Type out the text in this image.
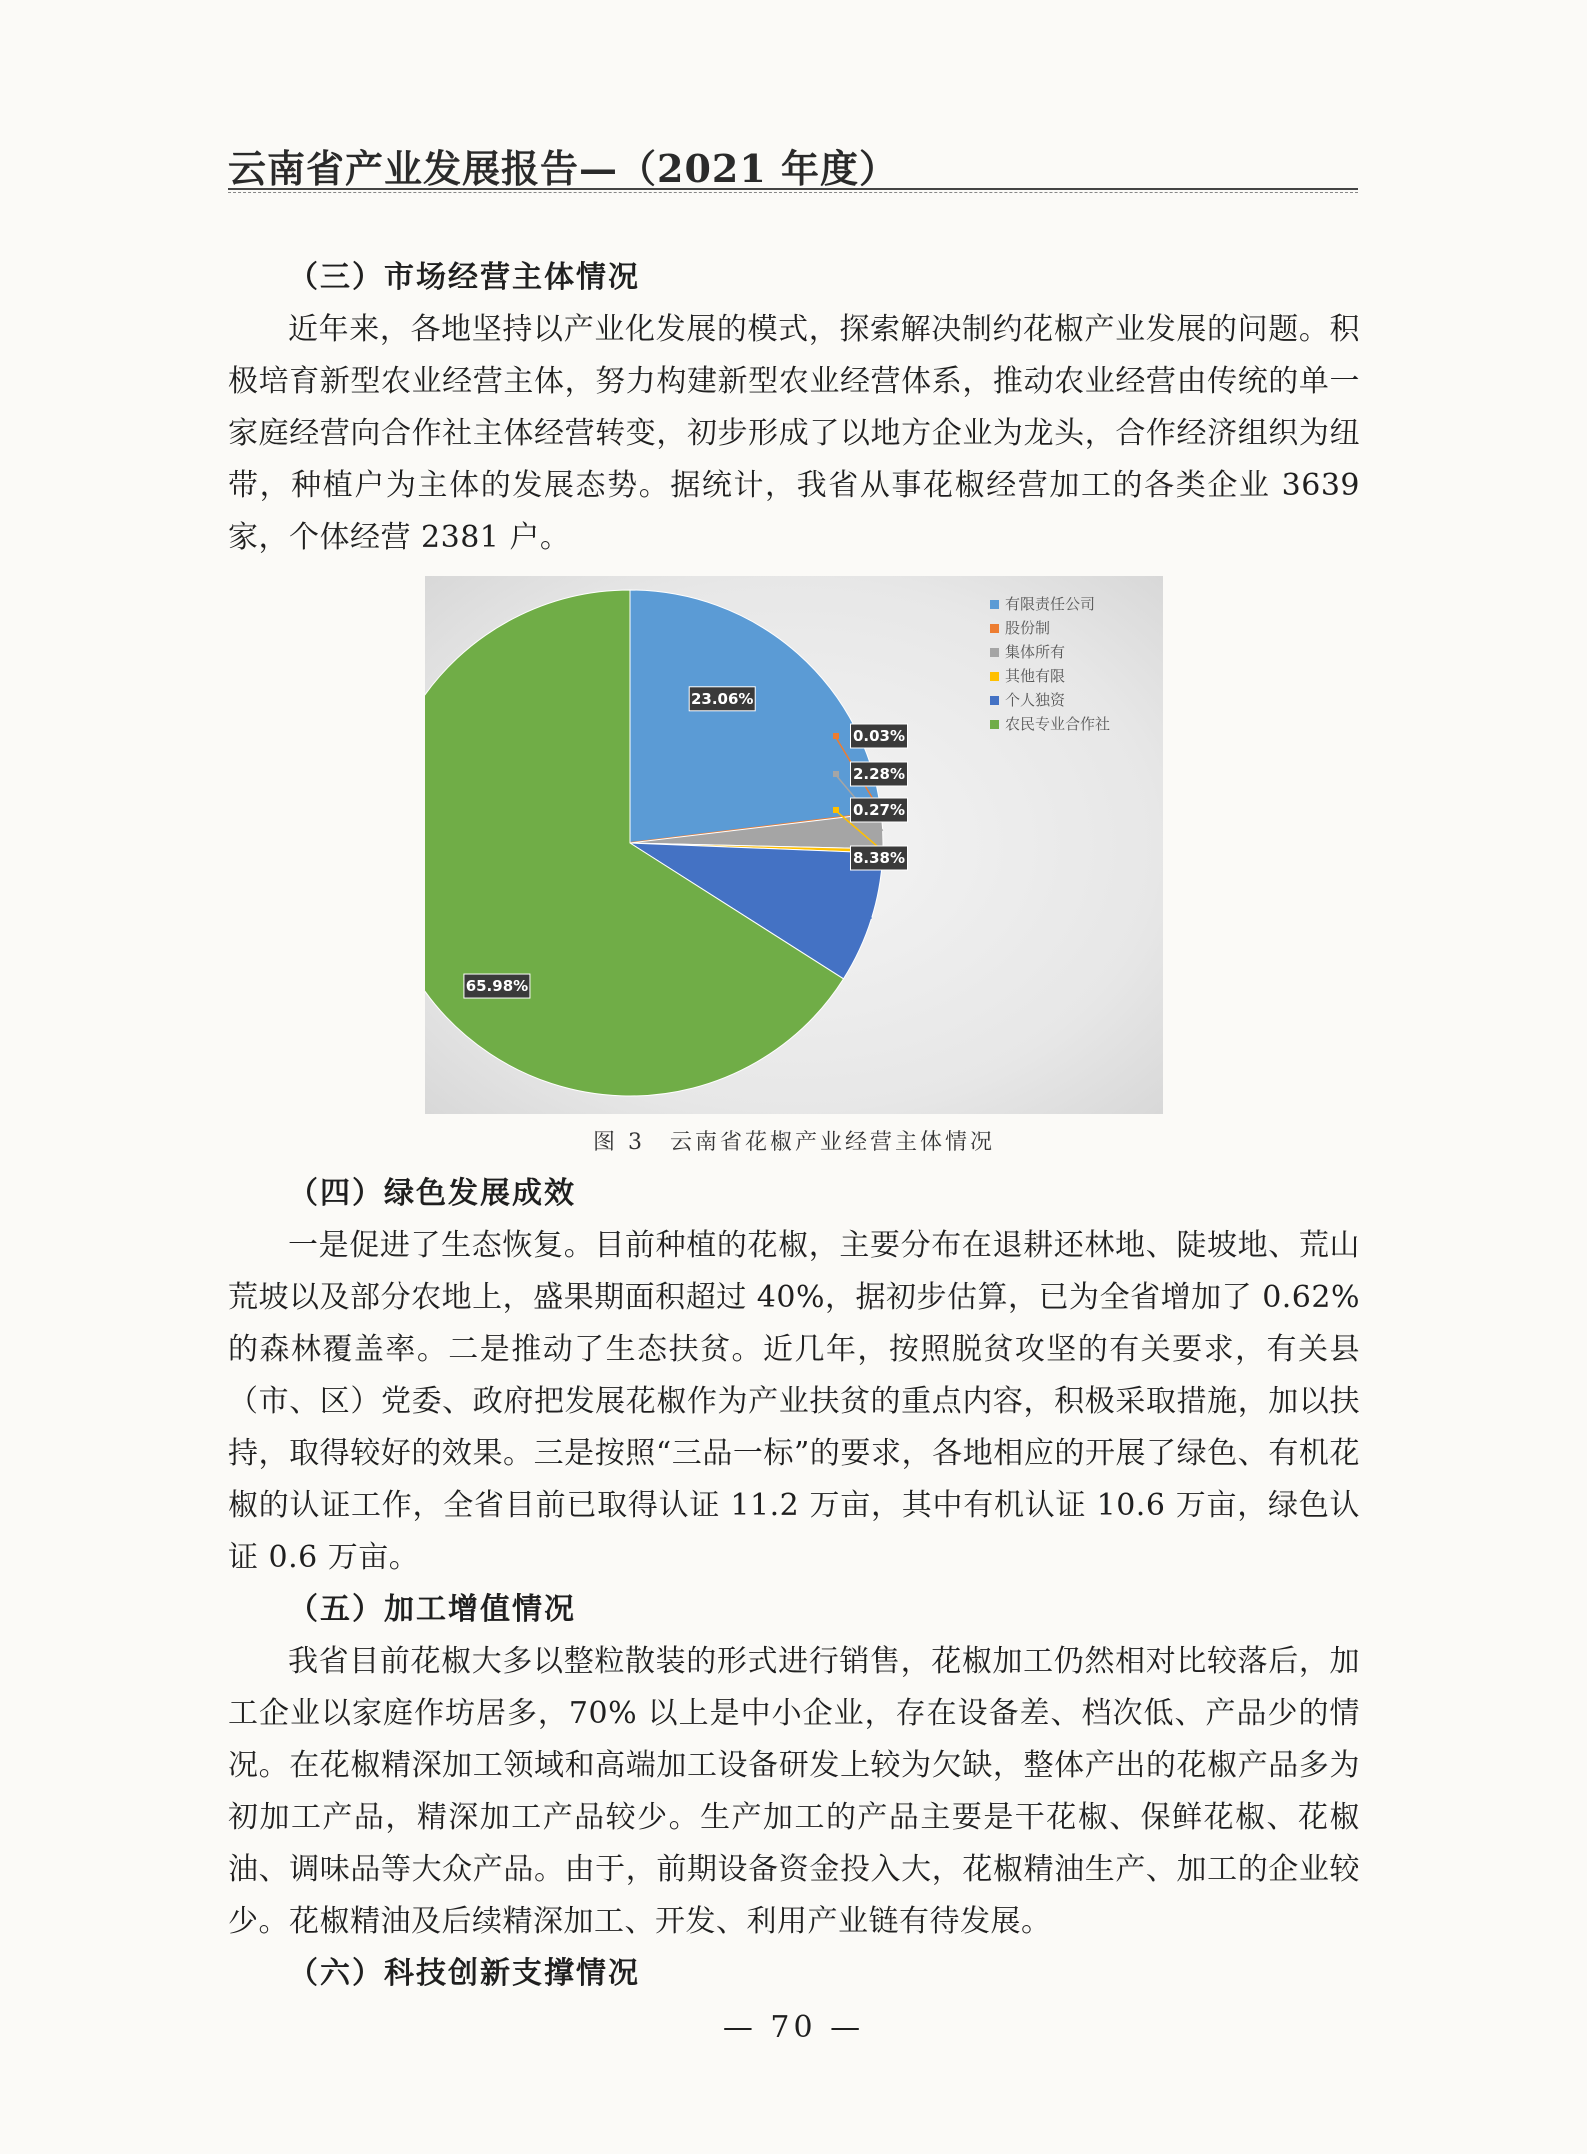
云南省产业发展报告—（2021 年度）

（三）市场经营主体情况

近年来，各地坚持以产业化发展的模式，探索解决制约花椒产业发展的问题。积极培育新型农业经营主体，努力构建新型农业经营体系，推动农业经营由传统的单一家庭经营向合作社主体经营转变，初步形成了以地方企业为龙头，合作经济组织为纽带，种植户为主体的发展态势。据统计，我省从事花椒经营加工的各类企业 3639 家，个体经营 2381 户。

23.06%
0.03%
2.28%
0.27%
8.38%
65.98%
有限责任公司
股份制
集体所有
其他有限
个人独资
农民专业合作社
图 3　云南省花椒产业经营主体情况

（四）绿色发展成效

一是促进了生态恢复。目前种植的花椒，主要分布在退耕还林地、陡坡地、荒山荒坡以及部分农地上，盛果期面积超过 40%，据初步估算，已为全省增加了 0.62% 的森林覆盖率。二是推动了生态扶贫。近几年，按照脱贫攻坚的有关要求，有关县（市、区）党委、政府把发展花椒作为产业扶贫的重点内容，积极采取措施，加以扶持，取得较好的效果。三是按照“三品一标”的要求，各地相应的开展了绿色、有机花椒的认证工作，全省目前已取得认证 11.2 万亩，其中有机认证 10.6 万亩，绿色认证 0.6 万亩。

（五）加工增值情况

我省目前花椒大多以整粒散装的形式进行销售，花椒加工仍然相对比较落后，加工企业以家庭作坊居多，70% 以上是中小企业，存在设备差、档次低、产品少的情况。在花椒精深加工领域和高端加工设备研发上较为欠缺，整体产出的花椒产品多为初加工产品，精深加工产品较少。生产加工的产品主要是干花椒、保鲜花椒、花椒油、调味品等大众产品。由于，前期设备资金投入大，花椒精油生产、加工的企业较少。花椒精油及后续精深加工、开发、利用产业链有待发展。

（六）科技创新支撑情况

— 70 —
